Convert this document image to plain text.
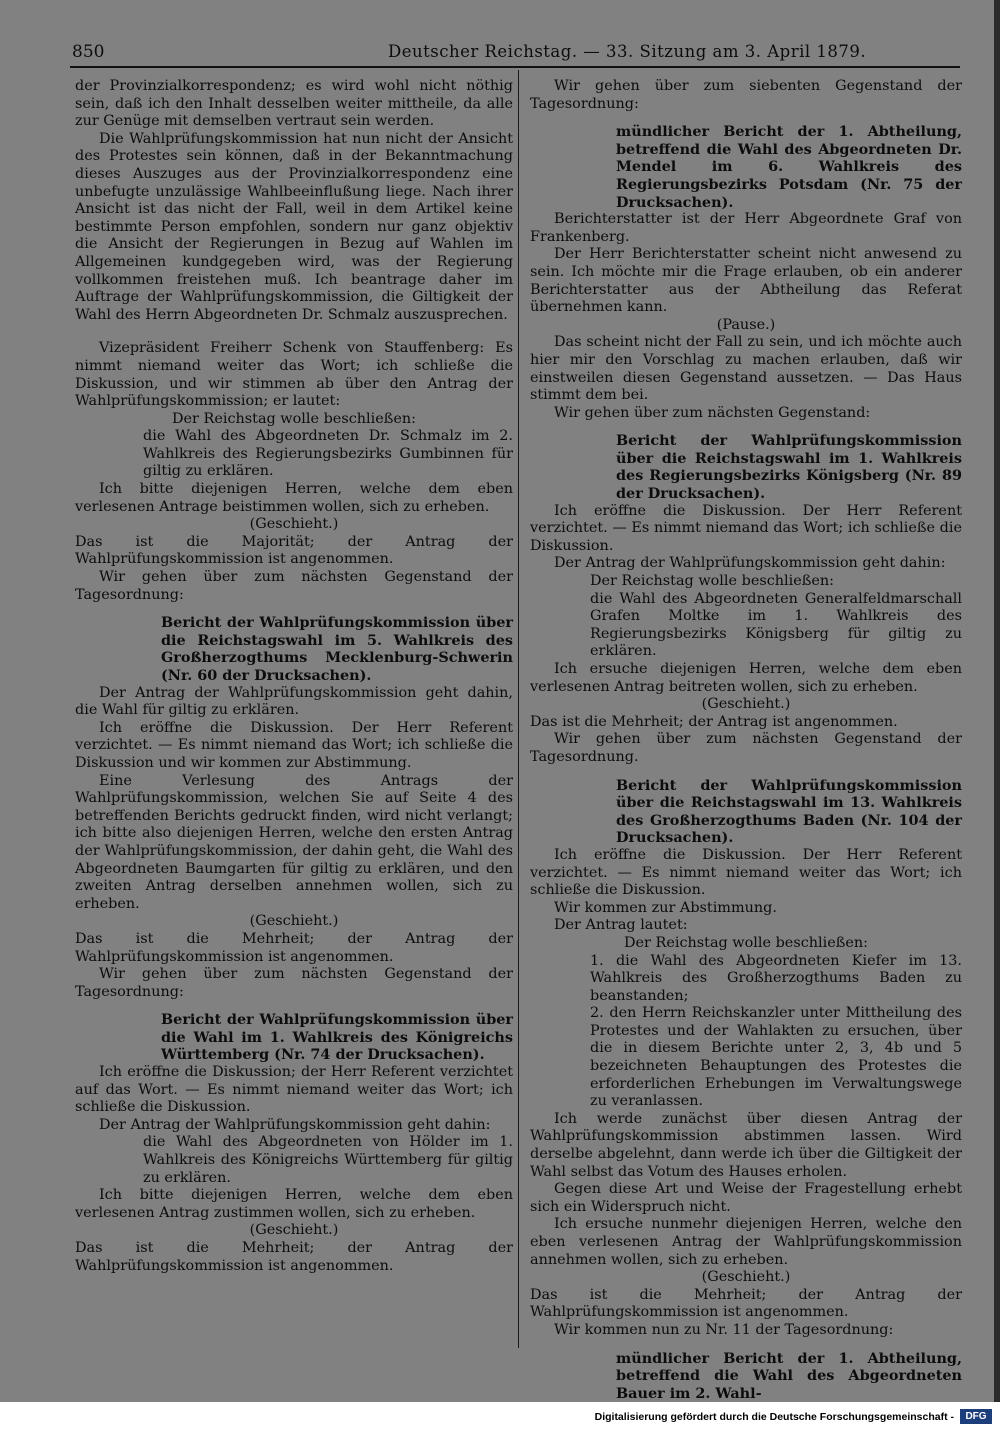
850	Deutscher Reichstag. — 33. Sitzung am 3. April 1879.

der Provinzialkorrespondenz; es wird wohl nicht nöthig sein, daß ich den Inhalt desselben weiter mittheile, da alle zur Genüge mit demselben vertraut sein werden.

Die Wahlprüfungskommission hat nun nicht der Ansicht des Protestes sein können, daß in der Bekanntmachung dieses Auszuges aus der Provinzialkorrespondenz eine unbefugte unzulässige Wahlbeeinflußung liege. Nach ihrer Ansicht ist das nicht der Fall, weil in dem Artikel keine bestimmte Person empfohlen, sondern nur ganz objektiv die Ansicht der Regierungen in Bezug auf Wahlen im Allgemeinen kundgegeben wird, was der Regierung vollkommen freistehen muß. Ich beantrage daher im Auftrage der Wahlprüfungskommission, die Giltigkeit der Wahl des Herrn Abgeordneten Dr. Schmalz auszusprechen.

Vizepräsident Freiherr Schenk von Stauffenberg: Es nimmt niemand weiter das Wort; ich schließe die Diskussion, und wir stimmen ab über den Antrag der Wahlprüfungskommission; er lautet:

Der Reichstag wolle beschließen:

die Wahl des Abgeordneten Dr. Schmalz im 2. Wahlkreis des Regierungsbezirks Gumbinnen für giltig zu erklären.

Ich bitte diejenigen Herren, welche dem eben verlesenen Antrage beistimmen wollen, sich zu erheben.

(Geschieht.)

Das ist die Majorität; der Antrag der Wahlprüfungskommission ist angenommen.

Wir gehen über zum nächsten Gegenstand der Tagesordnung:

Bericht der Wahlprüfungskommission über die Reichstagswahl im 5. Wahlkreis des Großherzogthums Mecklenburg-Schwerin (Nr. 60 der Drucksachen).

Der Antrag der Wahlprüfungskommission geht dahin, die Wahl für giltig zu erklären.

Ich eröffne die Diskussion. Der Herr Referent verzichtet. — Es nimmt niemand das Wort; ich schließe die Diskussion und wir kommen zur Abstimmung.

Eine Verlesung des Antrags der Wahlprüfungskommission, welchen Sie auf Seite 4 des betreffenden Berichts gedruckt finden, wird nicht verlangt; ich bitte also diejenigen Herren, welche den ersten Antrag der Wahlprüfungskommission, der dahin geht, die Wahl des Abgeordneten Baumgarten für giltig zu erklären, und den zweiten Antrag derselben annehmen wollen, sich zu erheben.

(Geschieht.)

Das ist die Mehrheit; der Antrag der Wahlprüfungskommission ist angenommen.

Wir gehen über zum nächsten Gegenstand der Tagesordnung:

Bericht der Wahlprüfungskommission über die Wahl im 1. Wahlkreis des Königreichs Württemberg (Nr. 74 der Drucksachen).

Ich eröffne die Diskussion; der Herr Referent verzichtet auf das Wort. — Es nimmt niemand weiter das Wort; ich schließe die Diskussion.

Der Antrag der Wahlprüfungskommission geht dahin:

die Wahl des Abgeordneten von Hölder im 1. Wahlkreis des Königreichs Württemberg für giltig zu erklären.

Ich bitte diejenigen Herren, welche dem eben verlesenen Antrag zustimmen wollen, sich zu erheben.

(Geschieht.)

Das ist die Mehrheit; der Antrag der Wahlprüfungskommission ist angenommen.

Wir gehen über zum siebenten Gegenstand der Tagesordnung:

mündlicher Bericht der 1. Abtheilung, betreffend die Wahl des Abgeordneten Dr. Mendel im 6. Wahlkreis des Regierungsbezirks Potsdam (Nr. 75 der Drucksachen).

Berichterstatter ist der Herr Abgeordnete Graf von Frankenberg.

Der Herr Berichterstatter scheint nicht anwesend zu sein. Ich möchte mir die Frage erlauben, ob ein anderer Berichterstatter aus der Abtheilung das Referat übernehmen kann.

(Pause.)

Das scheint nicht der Fall zu sein, und ich möchte auch hier mir den Vorschlag zu machen erlauben, daß wir einstweilen diesen Gegenstand aussetzen. — Das Haus stimmt dem bei.

Wir gehen über zum nächsten Gegenstand:

Bericht der Wahlprüfungskommission über die Reichstagswahl im 1. Wahlkreis des Regierungsbezirks Königsberg (Nr. 89 der Drucksachen).

Ich eröffne die Diskussion. Der Herr Referent verzichtet. — Es nimmt niemand das Wort; ich schließe die Diskussion.

Der Antrag der Wahlprüfungskommission geht dahin:

Der Reichstag wolle beschließen:

die Wahl des Abgeordneten Generalfeldmarschall Grafen Moltke im 1. Wahlkreis des Regierungsbezirks Königsberg für giltig zu erklären.

Ich ersuche diejenigen Herren, welche dem eben verlesenen Antrag beitreten wollen, sich zu erheben.

(Geschieht.)

Das ist die Mehrheit; der Antrag ist angenommen.

Wir gehen über zum nächsten Gegenstand der Tagesordnung.

Bericht der Wahlprüfungskommission über die Reichstagswahl im 13. Wahlkreis des Großherzogthums Baden (Nr. 104 der Drucksachen).

Ich eröffne die Diskussion. Der Herr Referent verzichtet. — Es nimmt niemand weiter das Wort; ich schließe die Diskussion.

Wir kommen zur Abstimmung.

Der Antrag lautet:

Der Reichstag wolle beschließen:

1. die Wahl des Abgeordneten Kiefer im 13. Wahlkreis des Großherzogthums Baden zu beanstanden;

2. den Herrn Reichskanzler unter Mittheilung des Protestes und der Wahlakten zu ersuchen, über die in diesem Berichte unter 2, 3, 4b und 5 bezeichneten Behauptungen des Protestes die erforderlichen Erhebungen im Verwaltungswege zu veranlassen.

Ich werde zunächst über diesen Antrag der Wahlprüfungskommission abstimmen lassen. Wird derselbe abgelehnt, dann werde ich über die Giltigkeit der Wahl selbst das Votum des Hauses erholen.

Gegen diese Art und Weise der Fragestellung erhebt sich ein Widerspruch nicht.

Ich ersuche nunmehr diejenigen Herren, welche den eben verlesenen Antrag der Wahlprüfungskommission annehmen wollen, sich zu erheben.

(Geschieht.)

Das ist die Mehrheit; der Antrag der Wahlprüfungskommission ist angenommen.

Wir kommen nun zu Nr. 11 der Tagesordnung:

mündlicher Bericht der 1. Abtheilung, betreffend die Wahl des Abgeordneten Bauer im 2. Wahl-

Digitalisierung gefördert durch die Deutsche Forschungsgemeinschaft -	DFG
